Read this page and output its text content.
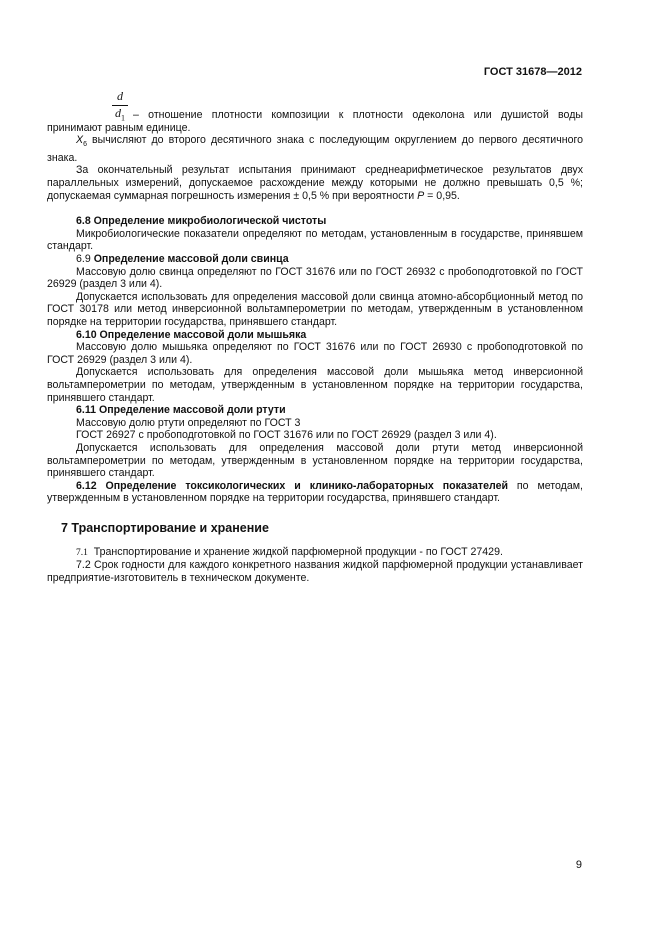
ГОСТ 31678—2012
$\frac{d}{d_1}$ – отношение плотности композиции к плотности одеколона или душистой воды принимают равным единице.

$X_6$ вычисляют до второго десятичного знака с последующим округлением до первого десятичного знака.

За окончательный результат испытания принимают среднеарифметическое результатов двух параллельных измерений, допускаемое расхождение между которыми не должно превышать 0,5 %; допускаемая суммарная погрешность измерения ± 0,5 % при вероятности P = 0,95.

6.8 Определение микробиологической чистоты

Микробиологические показатели определяют по методам, установленным в государстве, принявшем стандарт.

6.9 Определение массовой доли свинца

Массовую долю свинца определяют по ГОСТ 31676 или по ГОСТ 26932 с пробоподготовкой по ГОСТ 26929 (раздел 3 или 4).

Допускается использовать для определения массовой доли свинца атомно-абсорбционный метод по ГОСТ 30178 или метод инверсионной вольтамперометрии по методам, утвержденным в установленном порядке на территории государства, принявшего стандарт.

6.10 Определение массовой доли мышьяка

Массовую долю мышьяка определяют по ГОСТ 31676 или по ГОСТ 26930 с пробоподготовкой по ГОСТ 26929 (раздел 3 или 4).

Допускается использовать для определения массовой доли мышьяка метод инверсионной вольтамперометрии по методам, утвержденным в установленном порядке на территории государства, принявшего стандарт.

6.11 Определение массовой доли ртути

Массовую долю ртути определяют по ГОСТ 3

ГОСТ 26927 с пробоподготовкой по ГОСТ 31676 или по ГОСТ 26929 (раздел 3 или 4).

Допускается использовать для определения массовой доли ртути метод инверсионной вольтамперометрии по методам, утвержденным в установленном порядке на территории государства, принявшего стандарт.

6.12 Определение токсикологических и клинико-лабораторных показателей по методам, утвержденным в установленном порядке на территории государства, принявшего стандарт.

7 Транспортирование и хранение

7.1 Транспортирование и хранение жидкой парфюмерной продукции - по ГОСТ 27429.

7.2 Срок годности для каждого конкретного названия жидкой парфюмерной продукции устанавливает предприятие-изготовитель в техническом документе.

9
